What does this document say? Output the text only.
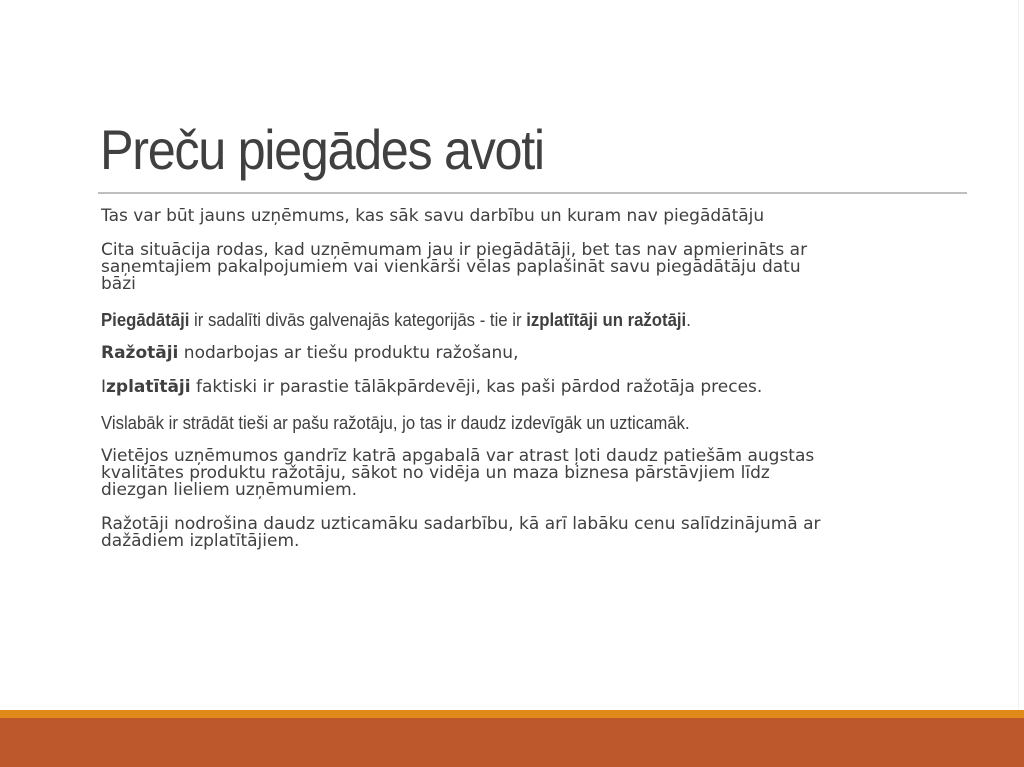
Preču piegādes avoti

Tas var būt jauns uzņēmums, kas sāk savu darbību un kuram nav piegādātāju

Cita situācija rodas, kad uzņēmumam jau ir piegādātāji, bet tas nav apmierināts ar
saņemtajiem pakalpojumiem vai vienkārši vēlas paplašināt savu piegādātāju datu
bāzi

Piegādātāji ir sadalīti divās galvenajās kategorijās - tie ir izplatītāji un ražotāji.

Ražotāji nodarbojas ar tiešu produktu ražošanu,

Izplatītāji faktiski ir parastie tālākpārdevēji, kas paši pārdod ražotāja preces.

Vislabāk ir strādāt tieši ar pašu ražotāju, jo tas ir daudz izdevīgāk un uzticamāk.

Vietējos uzņēmumos gandrīz katrā apgabalā var atrast ļoti daudz patiešām augstas
kvalitātes produktu ražotāju, sākot no vidēja un maza biznesa pārstāvjiem līdz
diezgan lieliem uzņēmumiem.

Ražotāji nodrošina daudz uzticamāku sadarbību, kā arī labāku cenu salīdzinājumā ar
dažādiem izplatītājiem.
